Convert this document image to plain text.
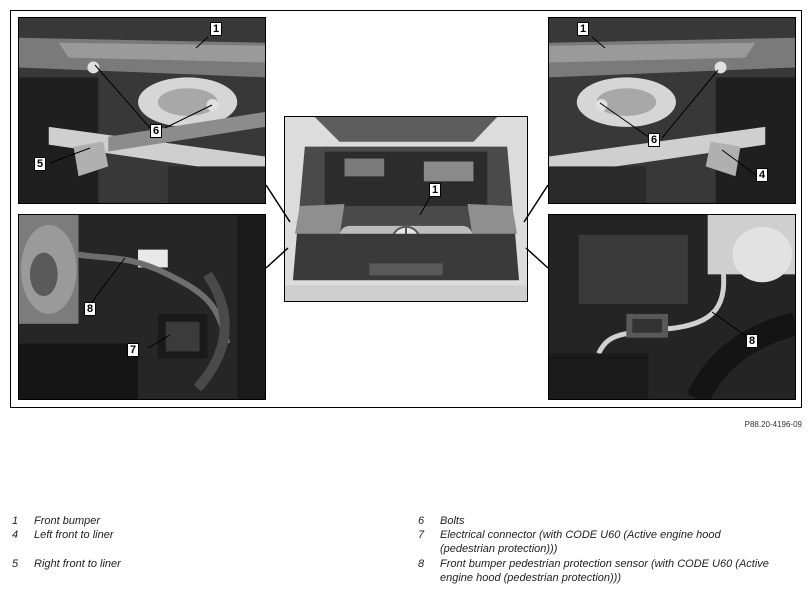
1
6
5
8
7
1
1
6
4
8
P88.20-4196-09
1	Front bumper
4	Left front to liner
5	Right front to liner
6	Bolts
7	Electrical connector (with CODE U60 (Active engine hood (pedestrian protection)))
8	Front bumper pedestrian protection sensor (with CODE U60 (Active engine hood (pedestrian protection)))
